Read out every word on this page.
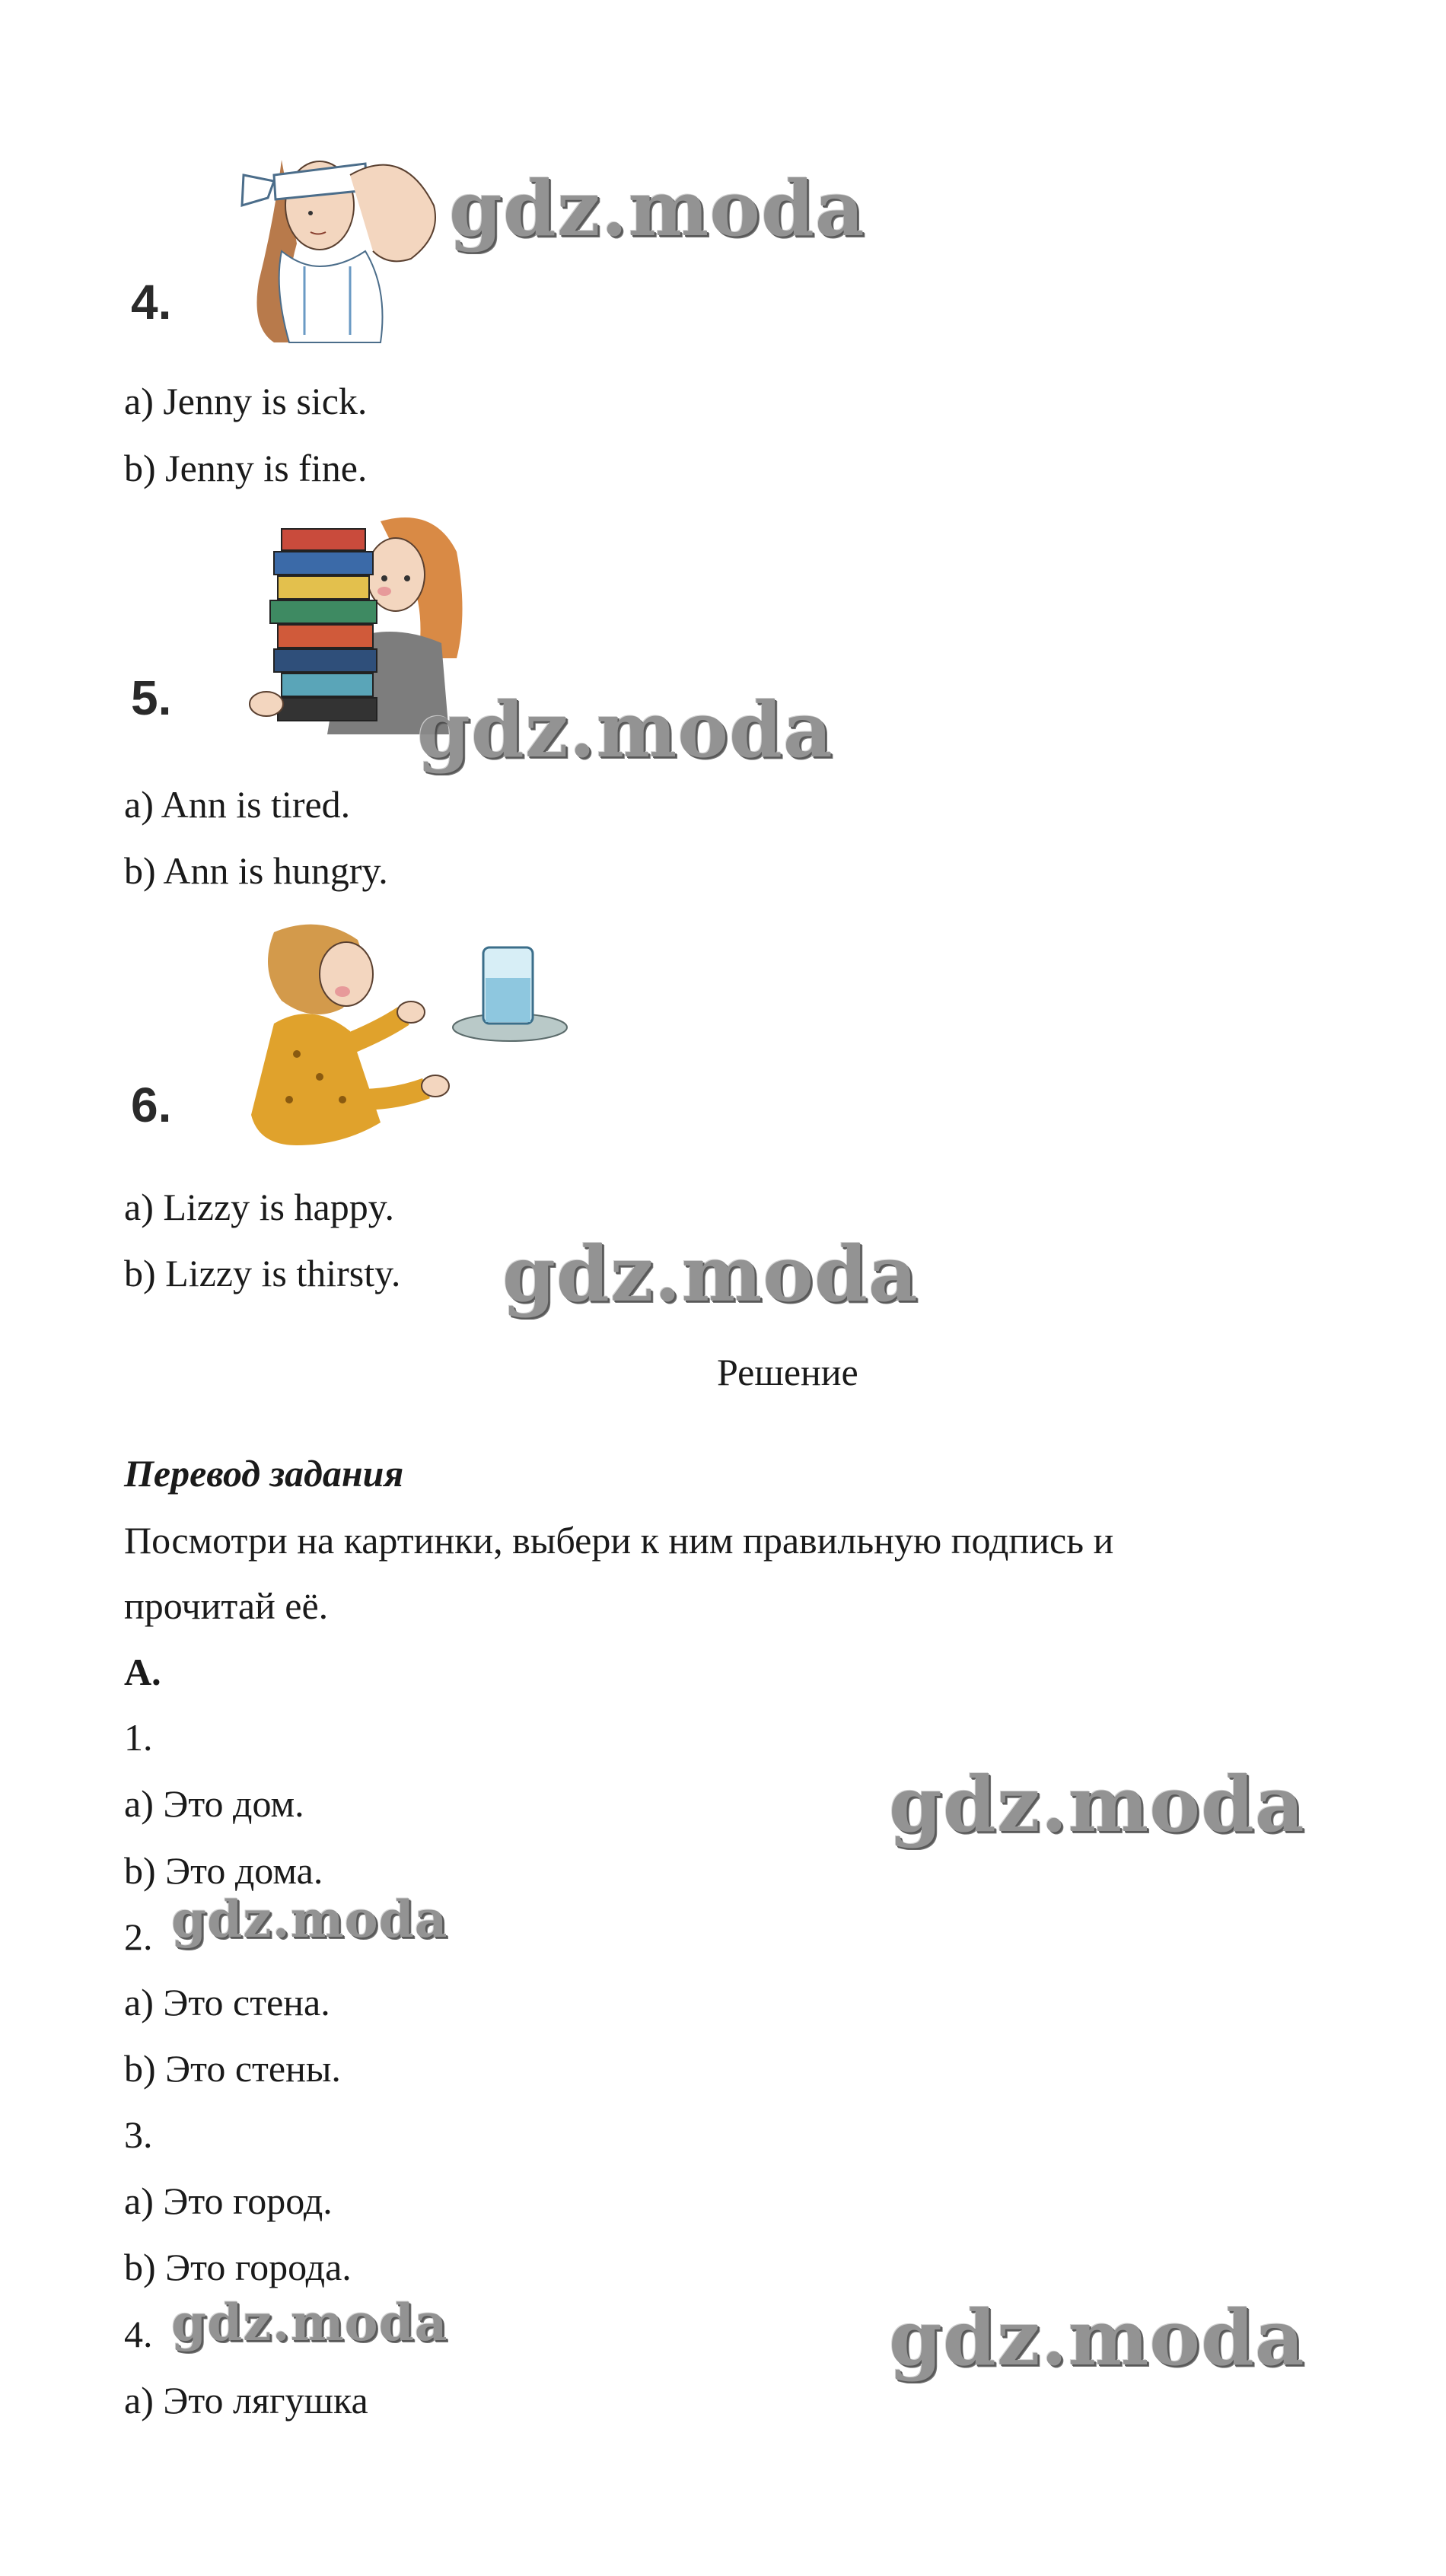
4.
gdz.moda
a) Jenny is sick.
b) Jenny is fine.
5.	gdz.moda
a) Ann is tired.
b) Ann is hungry.
6.
a) Lizzy is happy.
b) Lizzy is thirsty. gdz.moda
Решение
Перевод задания
Посмотри на картинки, выбери к ним правильную подпись и
прочитай её.
A.
1.
a) Это дом.	gdz.moda
b) Это дома.
2. gdz.moda
a) Это стена.
b) Это стены.
3.
a) Это город.
b) Это города.
4. gdz.moda	gdz.moda
a) Это лягушка
